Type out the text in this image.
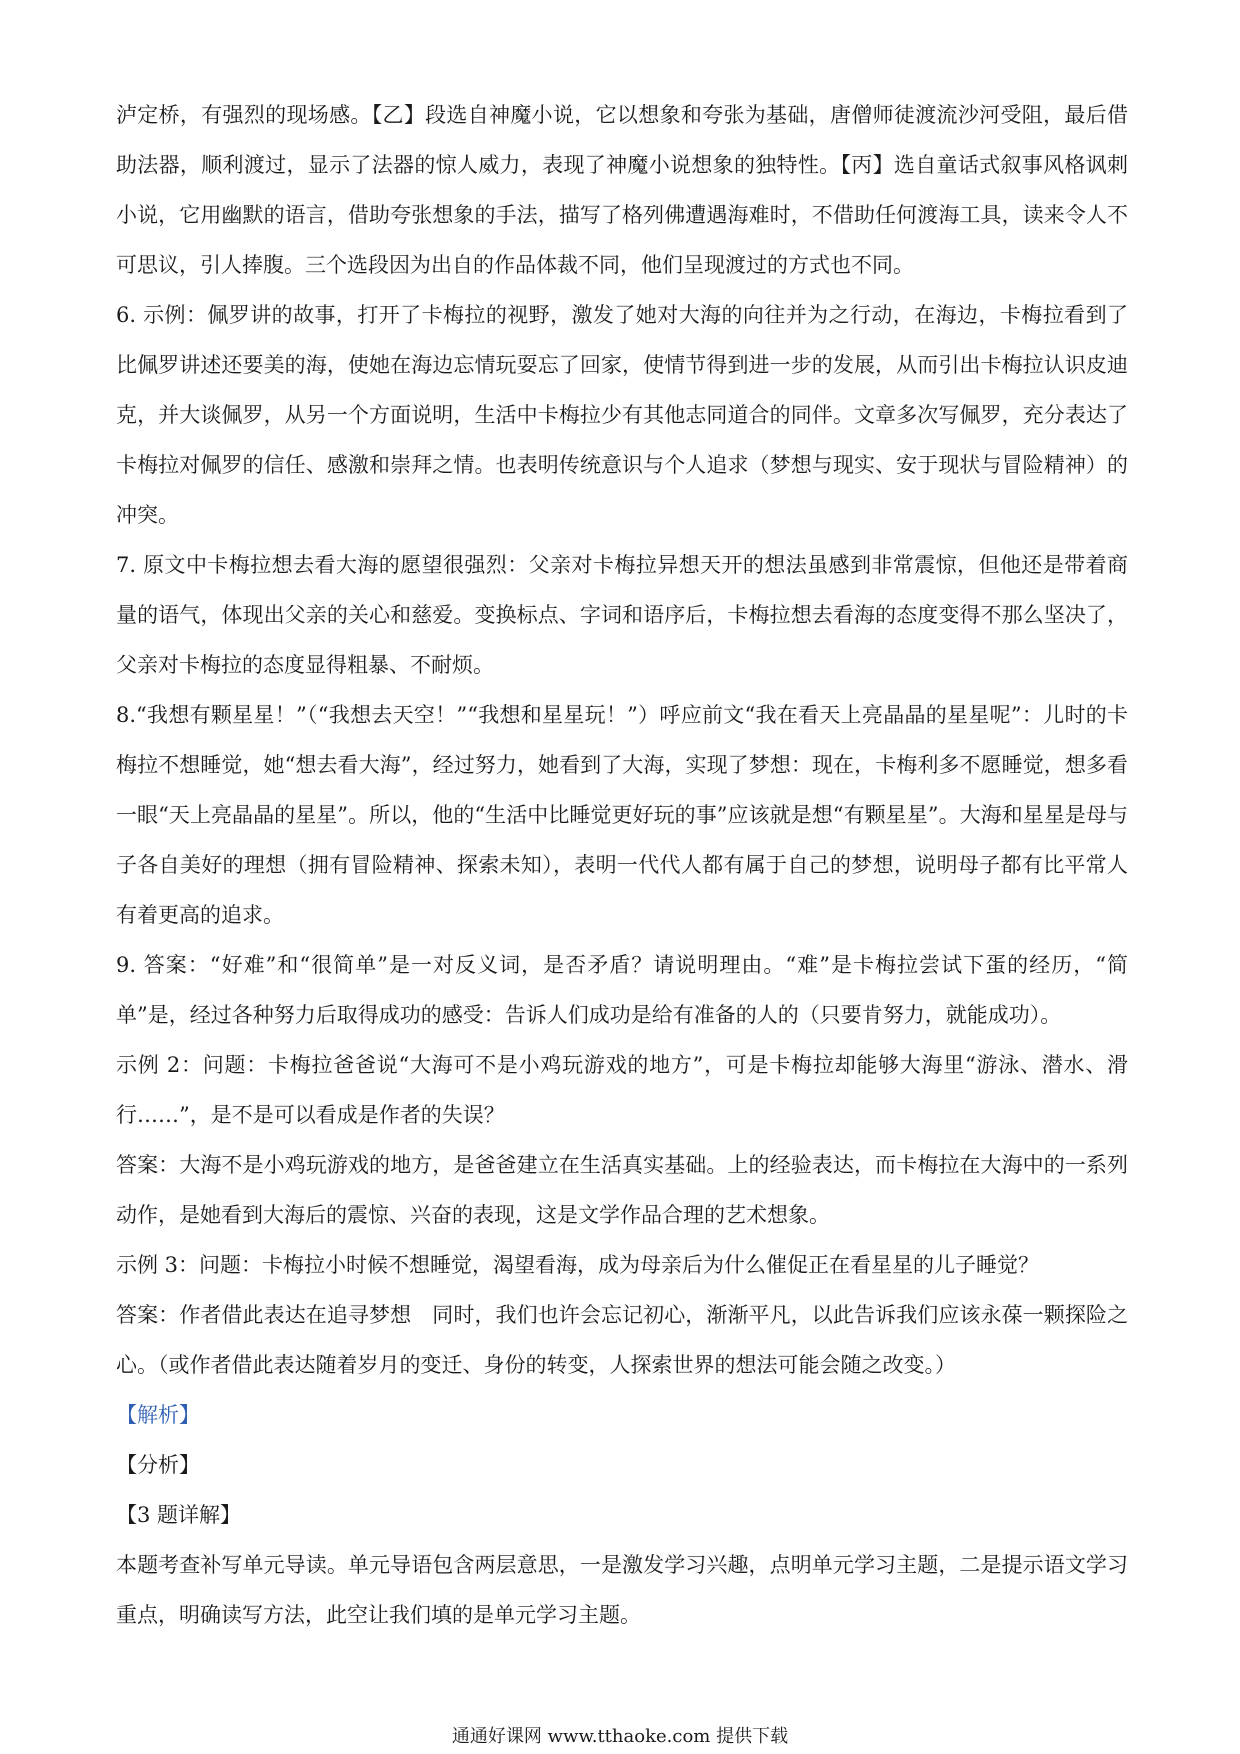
泸定桥，有强烈的现场感。【乙】段选自神魔小说，它以想象和夸张为基础，唐僧师徒渡流沙河受阻，最后借助法器，顺利渡过，显示了法器的惊人威力，表现了神魔小说想象的独特性。【丙】选自童话式叙事风格讽刺小说，它用幽默的语言，借助夸张想象的手法，描写了格列佛遭遇海难时，不借助任何渡海工具，读来令人不可思议，引人捧腹。三个选段因为出自的作品体裁不同，他们呈现渡过的方式也不同。

6. 示例：佩罗讲的故事，打开了卡梅拉的视野，激发了她对大海的向往并为之行动，在海边，卡梅拉看到了比佩罗讲述还要美的海，使她在海边忘情玩耍忘了回家，使情节得到进一步的发展，从而引出卡梅拉认识皮迪克，并大谈佩罗，从另一个方面说明，生活中卡梅拉少有其他志同道合的同伴。文章多次写佩罗，充分表达了卡梅拉对佩罗的信任、感激和崇拜之情。也表明传统意识与个人追求（梦想与现实、安于现状与冒险精神）的冲突。

7. 原文中卡梅拉想去看大海的愿望很强烈：父亲对卡梅拉异想天开的想法虽感到非常震惊，但他还是带着商量的语气，体现出父亲的关心和慈爱。变换标点、字词和语序后，卡梅拉想去看海的态度变得不那么坚决了，父亲对卡梅拉的态度显得粗暴、不耐烦。

8.“我想有颗星星！”（“我想去天空！”“我想和星星玩！”）呼应前文“我在看天上亮晶晶的星星呢”：儿时的卡梅拉不想睡觉，她“想去看大海”，经过努力，她看到了大海，实现了梦想：现在，卡梅利多不愿睡觉，想多看一眼“天上亮晶晶的星星”。所以，他的“生活中比睡觉更好玩的事”应该就是想“有颗星星”。大海和星星是母与子各自美好的理想（拥有冒险精神、探索未知），表明一代代人都有属于自己的梦想，说明母子都有比平常人有着更高的追求。

9. 答案：“好难”和“很简单”是一对反义词，是否矛盾？请说明理由。“难”是卡梅拉尝试下蛋的经历，“简单”是，经过各种努力后取得成功的感受：告诉人们成功是给有准备的人的（只要肯努力，就能成功）。

示例 2：问题：卡梅拉爸爸说“大海可不是小鸡玩游戏的地方”，可是卡梅拉却能够大海里“游泳、潜水、滑行……”，是不是可以看成是作者的失误？

答案：大海不是小鸡玩游戏的地方，是爸爸建立在生活真实基础。上的经验表达，而卡梅拉在大海中的一系列动作，是她看到大海后的震惊、兴奋的表现，这是文学作品合理的艺术想象。

示例 3：问题：卡梅拉小时候不想睡觉，渴望看海，成为母亲后为什么催促正在看星星的儿子睡觉？

答案：作者借此表达在追寻梦想　同时，我们也许会忘记初心，渐渐平凡，以此告诉我们应该永葆一颗探险之心。（或作者借此表达随着岁月的变迁、身份的转变，人探索世界的想法可能会随之改变。）

【解析】

【分析】

【3 题详解】

本题考查补写单元导读。单元导语包含两层意思，一是激发学习兴趣，点明单元学习主题，二是提示语文学习重点，明确读写方法，此空让我们填的是单元学习主题。

通通好课网 www.tthaoke.com 提供下载
